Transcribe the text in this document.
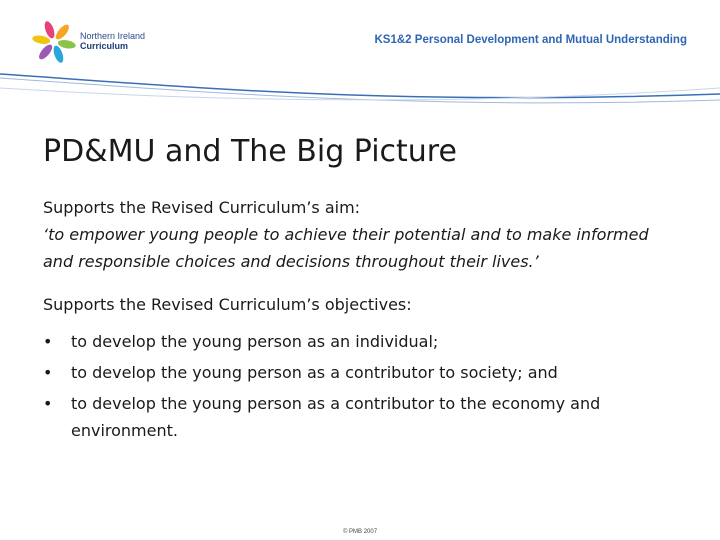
Northern Ireland
Curriculum	KS1&2 Personal Development and Mutual Understanding
PD&MU and The Big Picture

Supports the Revised Curriculum’s aim:

‘to empower young people to achieve their potential and to make informed and responsible choices and decisions throughout their lives.’

Supports the Revised Curriculum’s objectives:

• to develop the young person as an individual;
• to develop the young person as a contributor to society; and
• to develop the young person as a contributor to the economy and environment.
© PMB 2007
